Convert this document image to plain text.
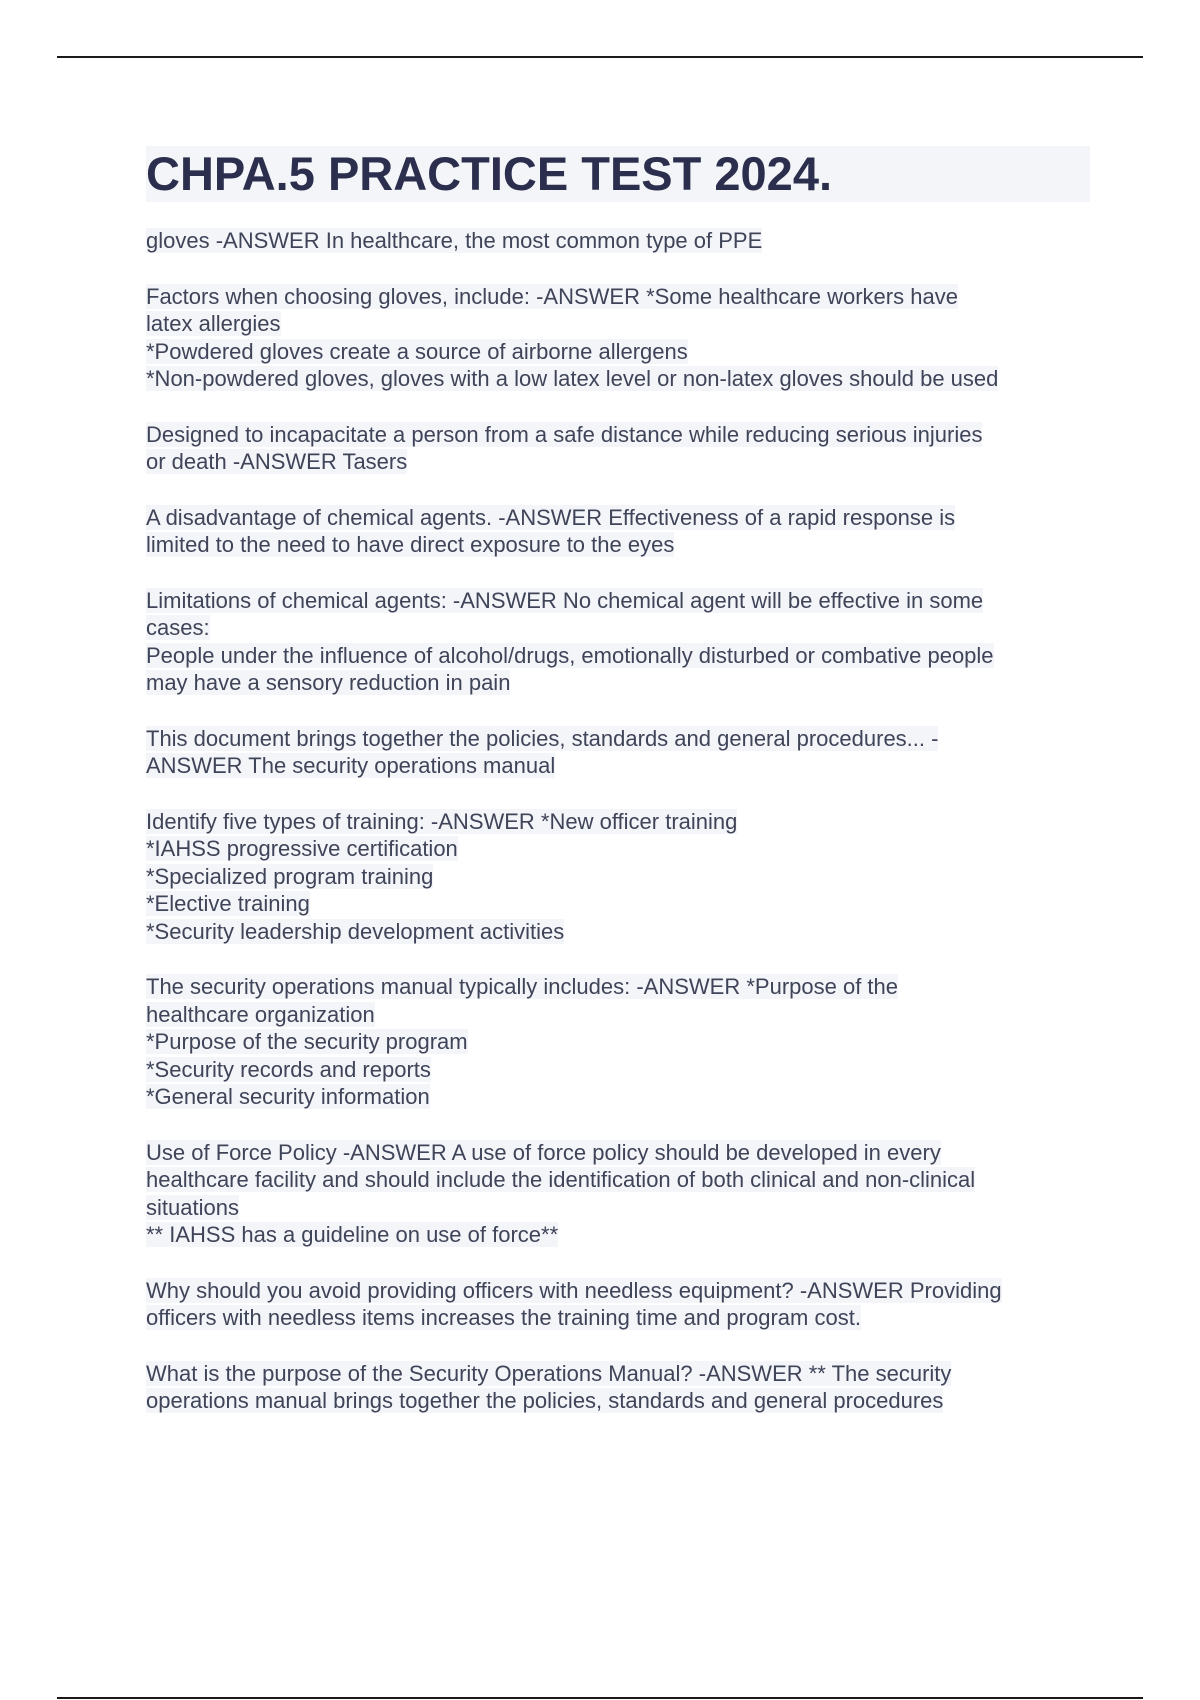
CHPA.5 PRACTICE TEST 2024.

gloves -ANSWER In healthcare, the most common type of PPE

Factors when choosing gloves, include: -ANSWER *Some healthcare workers have

latex allergies

*Powdered gloves create a source of airborne allergens

*Non-powdered gloves, gloves with a low latex level or non-latex gloves should be used

Designed to incapacitate a person from a safe distance while reducing serious injuries

or death -ANSWER Tasers

A disadvantage of chemical agents. -ANSWER Effectiveness of a rapid response is

limited to the need to have direct exposure to the eyes

Limitations of chemical agents: -ANSWER No chemical agent will be effective in some

cases:

People under the influence of alcohol/drugs, emotionally disturbed or combative people

may have a sensory reduction in pain

This document brings together the policies, standards and general procedures... -

ANSWER The security operations manual

Identify five types of training: -ANSWER *New officer training

*IAHSS progressive certification

*Specialized program training

*Elective training

*Security leadership development activities

The security operations manual typically includes: -ANSWER *Purpose of the

healthcare organization

*Purpose of the security program

*Security records and reports

*General security information

Use of Force Policy -ANSWER A use of force policy should be developed in every

healthcare facility and should include the identification of both clinical and non-clinical

situations

** IAHSS has a guideline on use of force**

Why should you avoid providing officers with needless equipment? -ANSWER Providing

officers with needless items increases the training time and program cost.

What is the purpose of the Security Operations Manual? -ANSWER ** The security

operations manual brings together the policies, standards and general procedures
